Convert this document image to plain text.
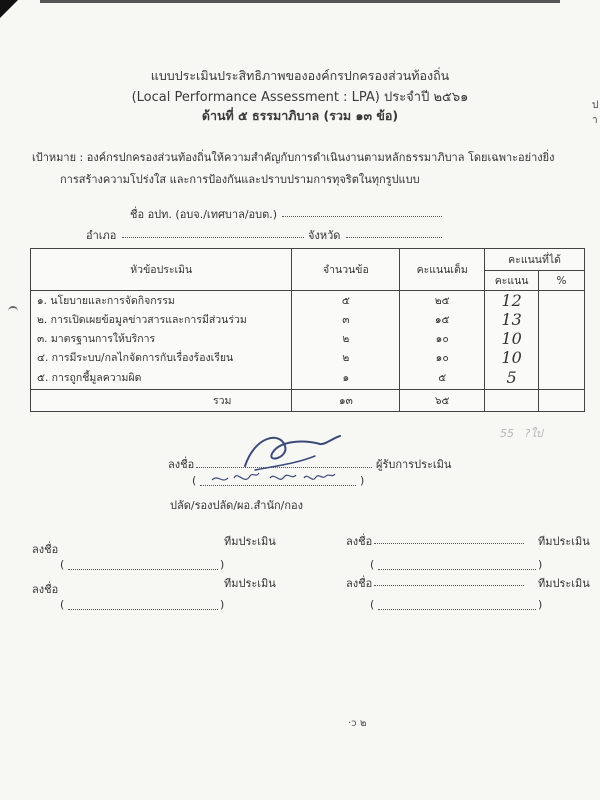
ป
า
แบบประเมินประสิทธิภาพขององค์กรปกครองส่วนท้องถิ่น
(Local Performance Assessment : LPA) ประจำปี ๒๕๖๑
ด้านที่ ๕ ธรรมาภิบาล (รวม ๑๓ ข้อ)
เป้าหมาย : องค์กรปกครองส่วนท้องถิ่นให้ความสำคัญกับการดำเนินงานตามหลักธรรมาภิบาล โดยเฉพาะอย่างยิ่ง
การสร้างความโปร่งใส และการป้องกันและปราบปรามการทุจริตในทุกรูปแบบ
ชื่อ อปท. (อบจ./เทศบาล/อบต.)
อำเภอ	จังหวัด
หัวข้อประเมิน	จำนวนข้อ	คะแนนเต็ม	คะแนนที่ได้	
			คะแนน	%
๑. นโยบายและการจัดกิจกรรม	๕	๒๕	12	
๒. การเปิดเผยข้อมูลข่าวสารและการมีส่วนร่วม	๓	๑๕	13	
๓. มาตรฐานการให้บริการ	๒	๑๐	10	
๔. การมีระบบ/กลไกจัดการกับเรื่องร้องเรียน	๒	๑๐	10	
๕. การถูกชี้มูลความผิด	๑	๕	5	
รวม	๑๓	๖๕		
55   ?​ใป
ลงชื่อ	ผู้รับการประเมิน
(	)
ปลัด/รองปลัด/ผอ.สำนัก/กอง
ลงชื่อ
ทีมประเมิน
(	)
ลงชื่อ	ทีมประเมิน
(	)
ลงชื่อ	ทีมประเมิน
(	)
ลงชื่อ	ทีมประเมิน
(	)
·ɔ ๒
